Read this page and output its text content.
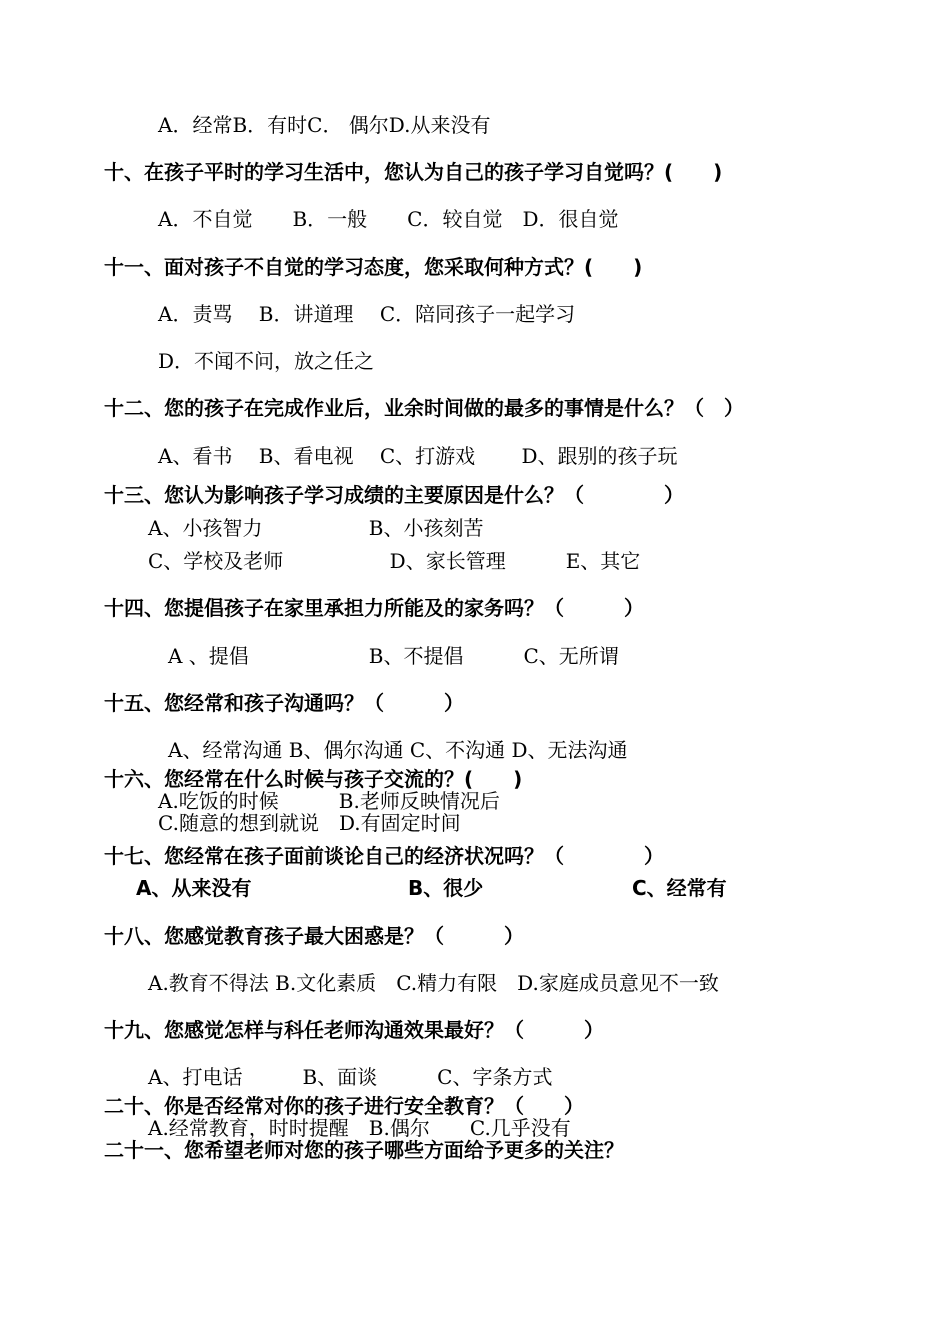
A．经常B．有时C． 偶尔D.从来没有
十、在孩子平时的学习生活中，您认为自己的孩子学习自觉吗？(　　)
A．不自觉　　B．一般　　C．较自觉　D．很自觉
十一、面对孩子不自觉的学习态度，您采取何种方式？(　　)
A．责骂　 B．讲道理　 C．陪同孩子一起学习
D．不闻不问，放之任之
十二、您的孩子在完成作业后，业余时间做的最多的事情是什么？（　）
A、看书　 B、看电视　 C、打游戏　　 D、跟别的孩子玩
十三、您认为影响孩子学习成绩的主要原因是什么？（　　　　）
A、小孩智力　　　　　 B、小孩刻苦
C、学校及老师　　　　　 D、家长管理　　　E、其它
十四、您提倡孩子在家里承担力所能及的家务吗？（　　　）
A 、提倡　　　　　　B、不提倡　　　C、无所谓
十五、您经常和孩子沟通吗？（　　　）
A、经常沟通 B、偶尔沟通 C、不沟通 D、无法沟通
十六、您经常在什么时候与孩子交流的？(　　)
A.吃饭的时候　　　B.老师反映情况后
C.随意的想到就说　D.有固定时间
十七、您经常在孩子面前谈论自己的经济状况吗？（　　　　）
A、从来没有	B、很少	C、经常有
十八、您感觉教育孩子最大困惑是？（　　　）
A.教育不得法 B.文化素质　C.精力有限　D.家庭成员意见不一致
十九、您感觉怎样与科任老师沟通效果最好？（　　　）
A、打电话　　　B、面谈　　　C、字条方式
二十、你是否经常对你的孩子进行安全教育？（　　）
A.经常教育，时时提醒　B.偶尔　　C.几乎没有
二十一、您希望老师对您的孩子哪些方面给予更多的关注？
